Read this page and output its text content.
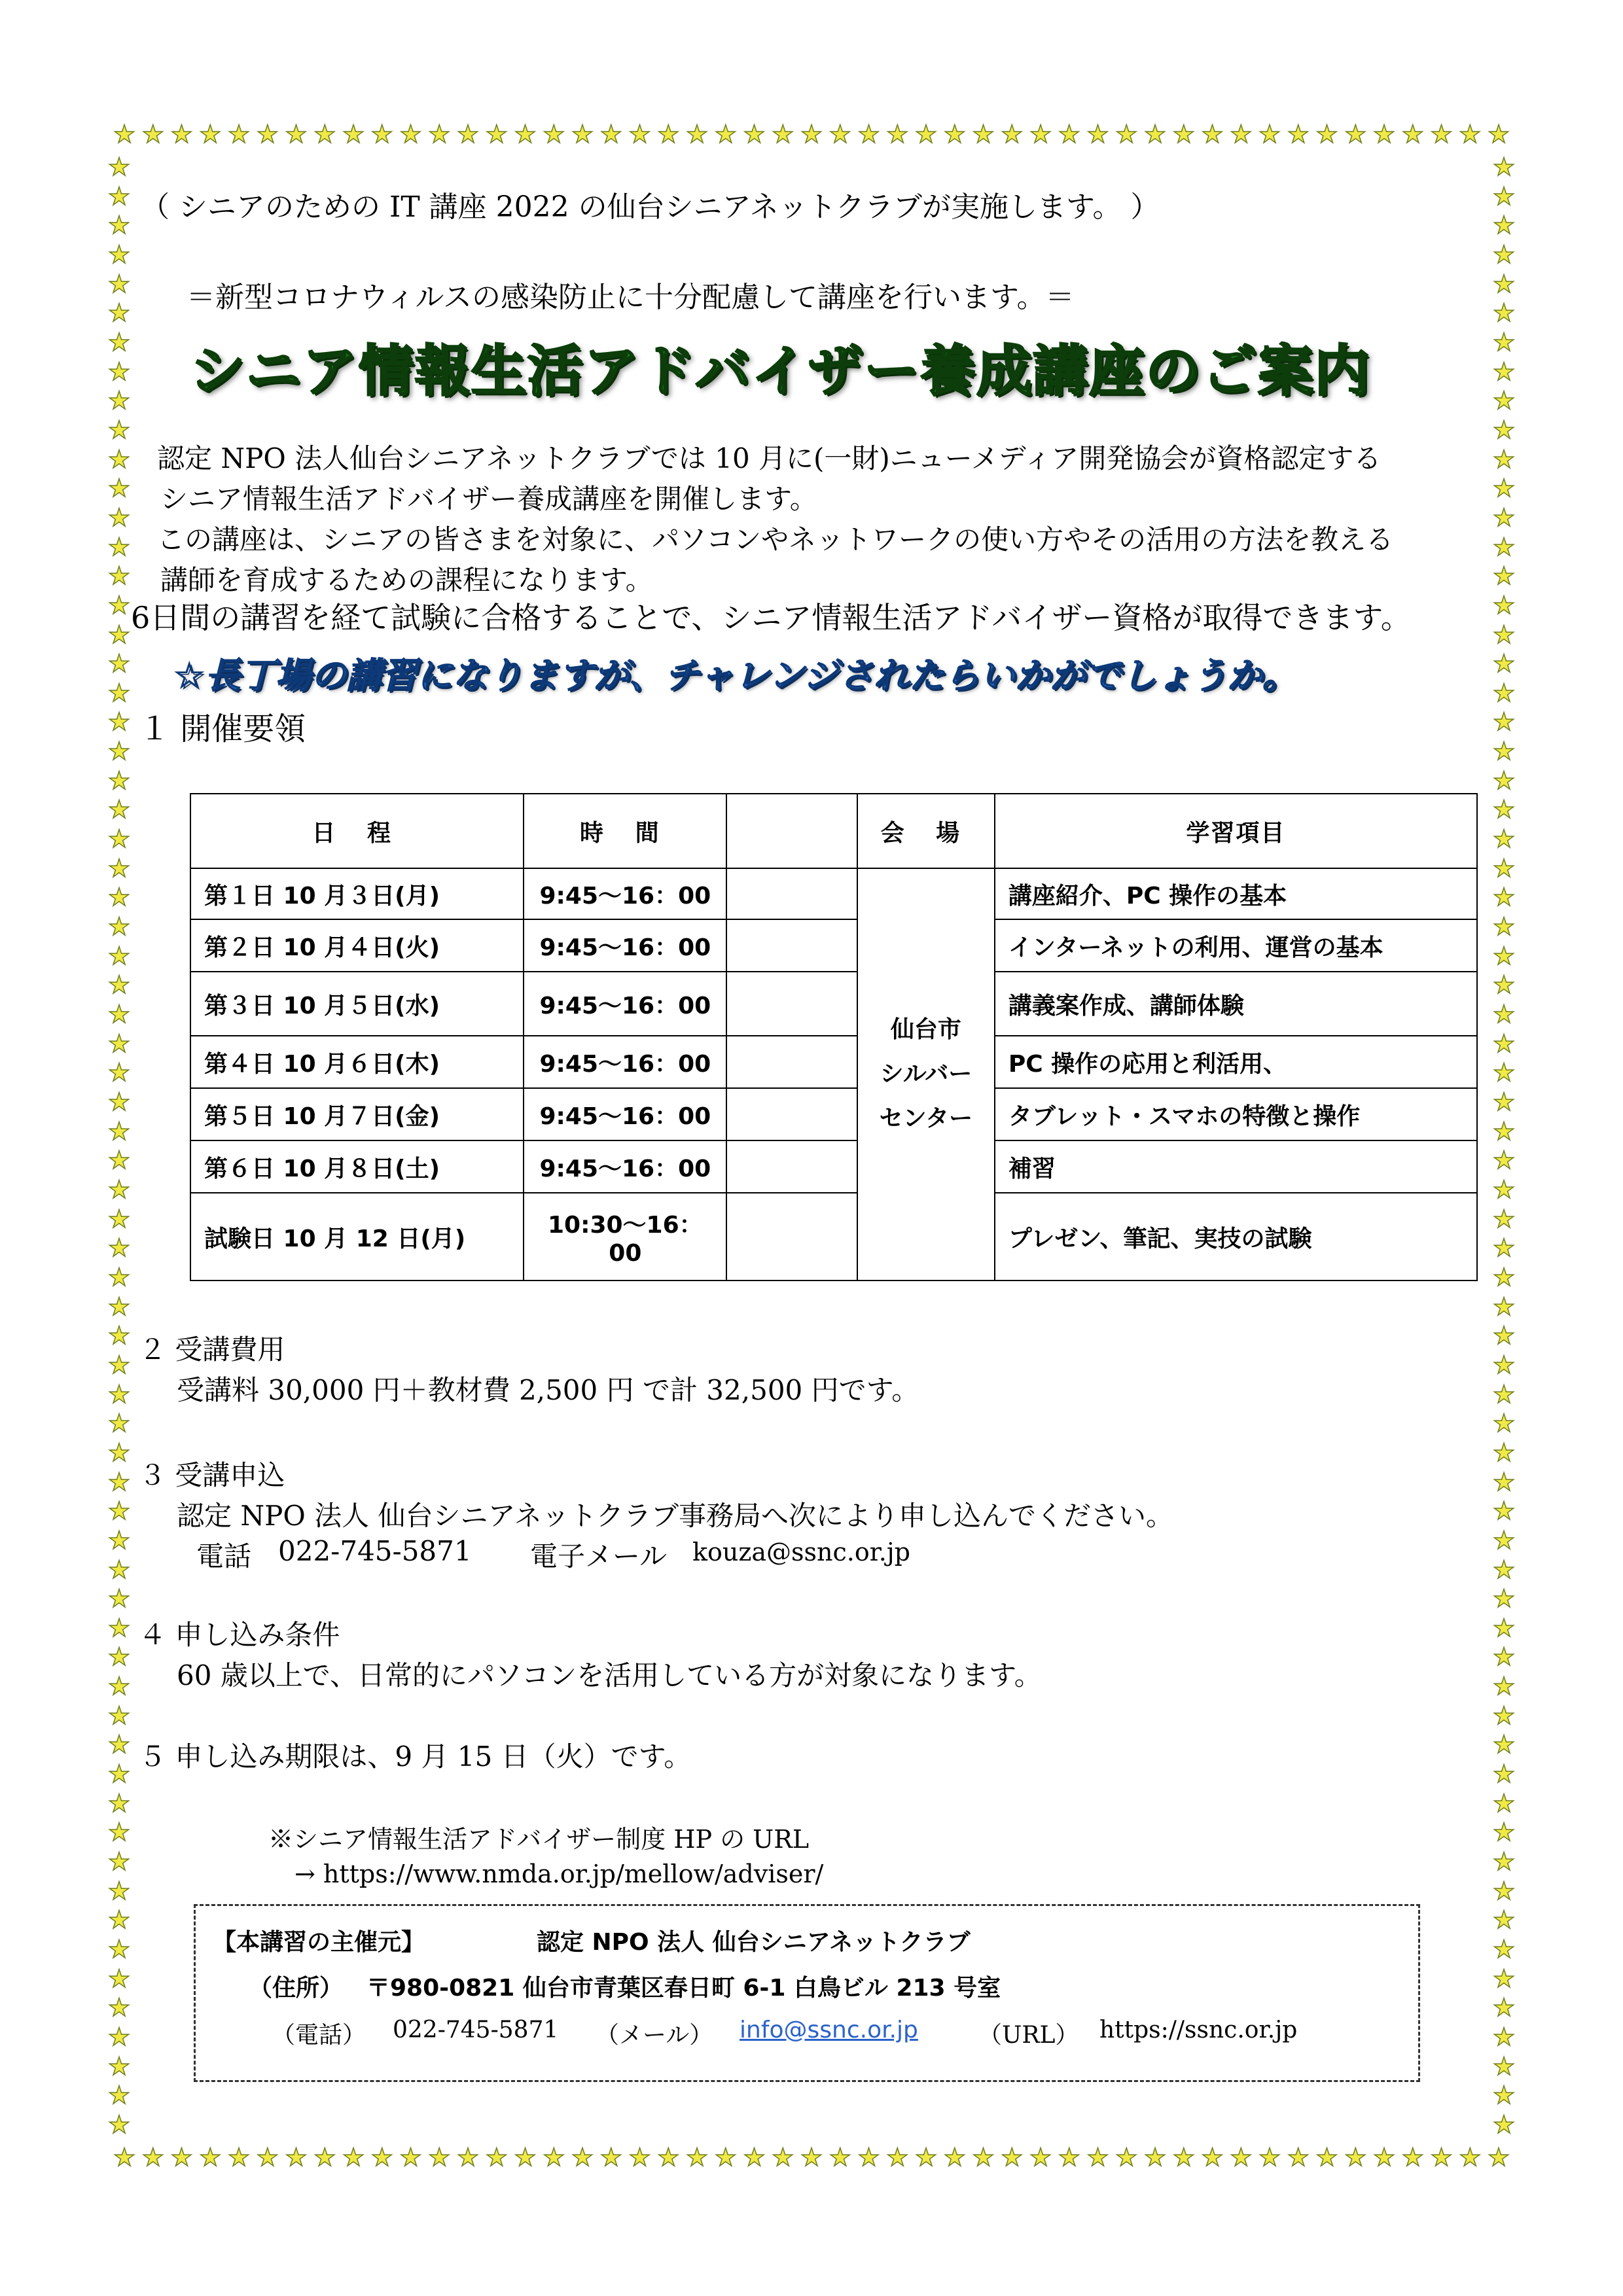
★ ★ ★ ★ ★ ★ ★ ★ ★ ★ ★ ★ ★ ★ ★ ★ ★ ★ ★ ★ ★ ★ ★ ★ ★ ★ ★ ★ ★ ★ ★ ★ ★ ★ ★ ★ ★ ★ ★ ★ ★ ★ ★ ★ ★ ★ ★ ★ ★
★ ★ ★ ★ ★ ★ ★ ★ ★ ★ ★ ★ ★ ★ ★ ★ ★ ★ ★ ★ ★ ★ ★ ★ ★ ★ ★ ★ ★ ★ ★ ★ ★ ★ ★ ★ ★ ★ ★ ★ ★ ★ ★ ★ ★ ★ ★ ★ ★
★
★
★
★
★
★
★
★
★
★
★
★
★
★
★
★
★
★
★
★
★
★
★
★
★
★
★
★
★
★
★
★
★
★
★
★
★
★
★
★
★
★
★
★
★
★
★
★
★
★
★
★
★
★
★
★
★
★
★
★
★
★
★
★
★
★
★
★
★
★
★
★
★
★
★
★
★
★
★
★
★
★
★
★
★
★
★
★
★
★
★
★
★
★
★
★
★
★
★
★
★
★
★
★
★
★
★
★
★
★
★
★
★
★
★
★
★
★
★
★
★
★
★
★
★
★
★
★
★
★
★
★
★
★
★
★
（ シニアのための IT 講座 2022 の仙台シニアネットクラブが実施します。 ）
＝新型コロナウィルスの感染防止に十分配慮して講座を行います。＝
シニア情報生活アドバイザー養成講座のご案内
認定 NPO 法人仙台シニアネットクラブでは 10 月に(一財)ニューメディア開発協会が資格認定する
シニア情報生活アドバイザー養成講座を開催します。
この講座は、シニアの皆さまを対象に、パソコンやネットワークの使い方やその活用の方法を教える
講師を育成するための課程になります。
6日間の講習を経て試験に合格することで、シニア情報生活アドバイザー資格が取得できます。
☆長丁場の講習になりますが、チャレンジされたらいかがでしょうか。
１ 開催要領
日 程	時 間		会 場	学習項目
第１日 10 月３日(月)	9:45～16：00		仙台市
シルバー
センター	講座紹介、PC 操作の基本
第２日 10 月４日(火)	9:45～16：00			インターネットの利用、運営の基本
第３日 10 月５日(水)	9:45～16：00			講義案作成、講師体験
第４日 10 月６日(木)	9:45～16：00			PC 操作の応用と利活用、
第５日 10 月７日(金)	9:45～16：00			タブレット・スマホの特徴と操作
第６日 10 月８日(土)	9:45～16：00			補習
試験日 10 月 12 日(月)	10:30～16：00			プレゼン、筆記、実技の試験
２ 受講費用
受講料 30,000 円＋教材費 2,500 円 で計 32,500 円です。
３ 受講申込
認定 NPO 法人 仙台シニアネットクラブ事務局へ次により申し込んでください。
電話 022-745-5871 電子メール kouza@ssnc.or.jp
４ 申し込み条件
60 歳以上で、日常的にパソコンを活用している方が対象になります。
５ 申し込み期限は、9 月 15 日（火）です。
※シニア情報生活アドバイザー制度 HP の URL
→ https://www.nmda.or.jp/mellow/adviser/
【本講習の主催元】	認定 NPO 法人 仙台シニアネットクラブ
（住所） 〒980-0821 仙台市青葉区春日町 6-1 白鳥ビル 213 号室
（電話） 022-745-5871 （メール） info@ssnc.or.jp	（URL） https://ssnc.or.jp
